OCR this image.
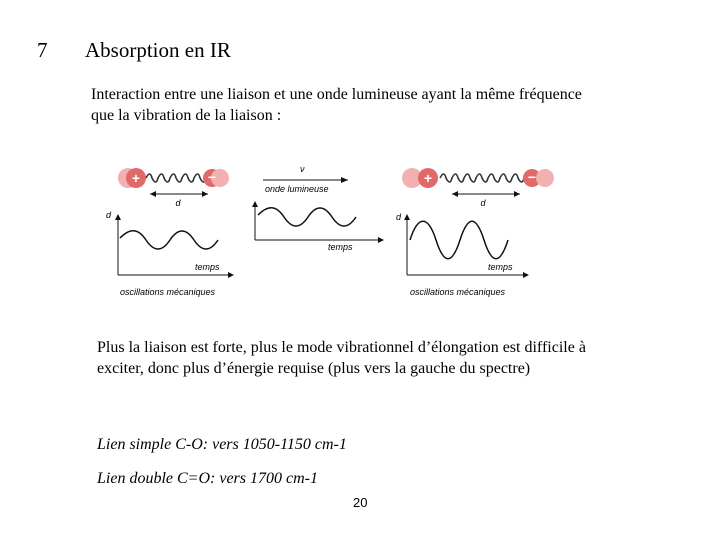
7 Absorption en IR
Interaction entre une liaison et une onde lumineuse ayant la même fréquence que la vibration de la liaison :
+	−
d
d
temps
oscillations mécaniques
ν
onde lumineuse
temps
+	−
d
d
temps
oscillations mécaniques
Plus la liaison est forte, plus le mode vibrationnel d’élongation est difficile à exciter, donc plus d’énergie requise (plus vers la gauche du spectre)
Lien simple C-O: vers 1050-1150 cm-1
Lien double C=O: vers 1700 cm-1
20
